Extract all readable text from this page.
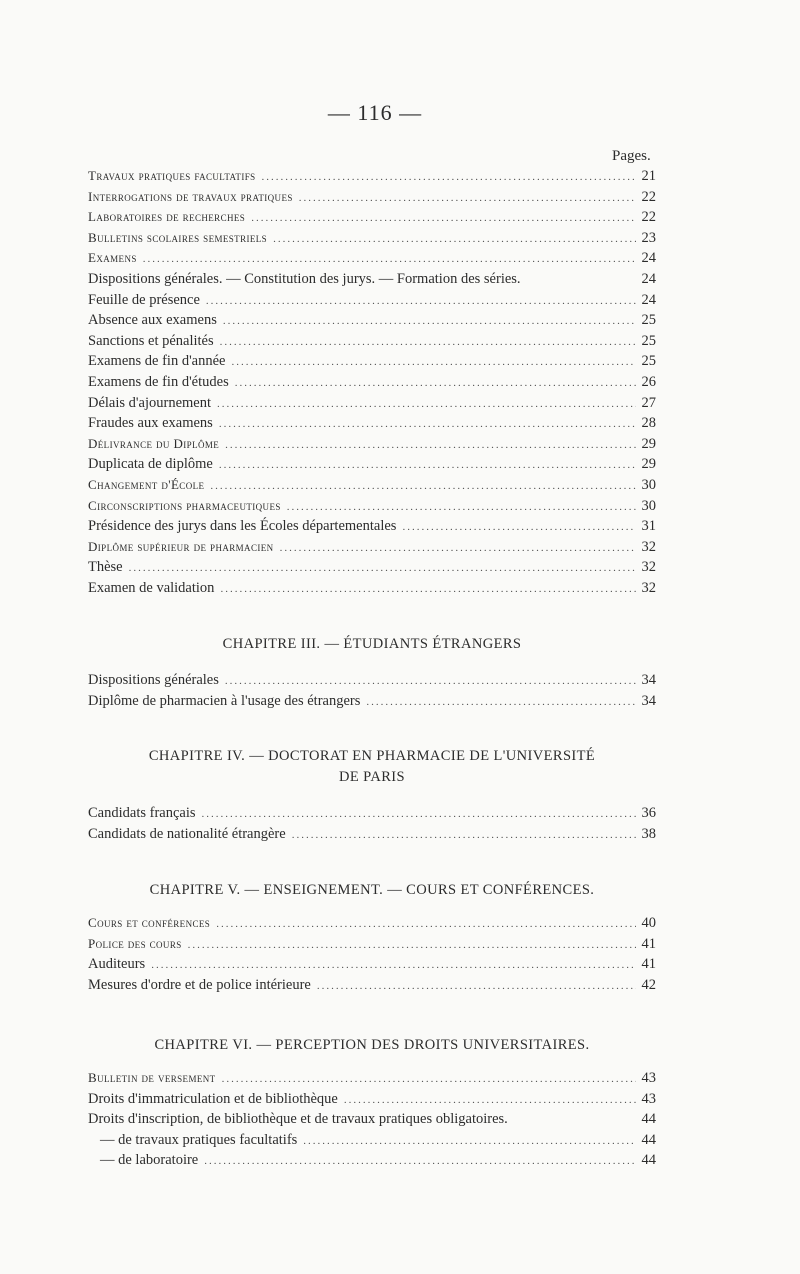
— 116 —
Pages.
Travaux pratiques facultatifs .....	21
Interrogations de travaux pratiques .....	22
Laboratoires de recherches .....	22
Bulletins scolaires semestriels .....	23
Examens .....	24
Dispositions générales. — Constitution des jurys. — Formation des séries.	24
Feuille de présence .....	24
Absence aux examens .....	25
Sanctions et pénalités .....	25
Examens de fin d'année .....	25
Examens de fin d'études .....	26
Délais d'ajournement .....	27
Fraudes aux examens .....	28
Délivrance du Diplôme .....	29
Duplicata de diplôme .....	29
Changement d'École .....	30
Circonscriptions pharmaceutiques .....	30
Présidence des jurys dans les Écoles départementales .....	31
Diplôme supérieur de pharmacien .....	32
Thèse .....	32
Examen de validation .....	32
CHAPITRE III. — ÉTUDIANTS ÉTRANGERS
Dispositions générales .....	34
Diplôme de pharmacien à l'usage des étrangers .....	34
CHAPITRE IV. — DOCTORAT EN PHARMACIE DE L'UNIVERSITÉ
DE PARIS
Candidats français .....	36
Candidats de nationalité étrangère .....	38
CHAPITRE V. — ENSEIGNEMENT. — COURS ET CONFÉRENCES.
Cours et conférences .....	40
Police des cours .....	41
Auditeurs .....	41
Mesures d'ordre et de police intérieure .....	42
CHAPITRE VI. — PERCEPTION DES DROITS UNIVERSITAIRES.
Bulletin de versement .....	43
Droits d'immatriculation et de bibliothèque .....	43
Droits d'inscription, de bibliothèque et de travaux pratiques obligatoires.	44
— de travaux pratiques facultatifs .....	44
— de laboratoire .....	44
